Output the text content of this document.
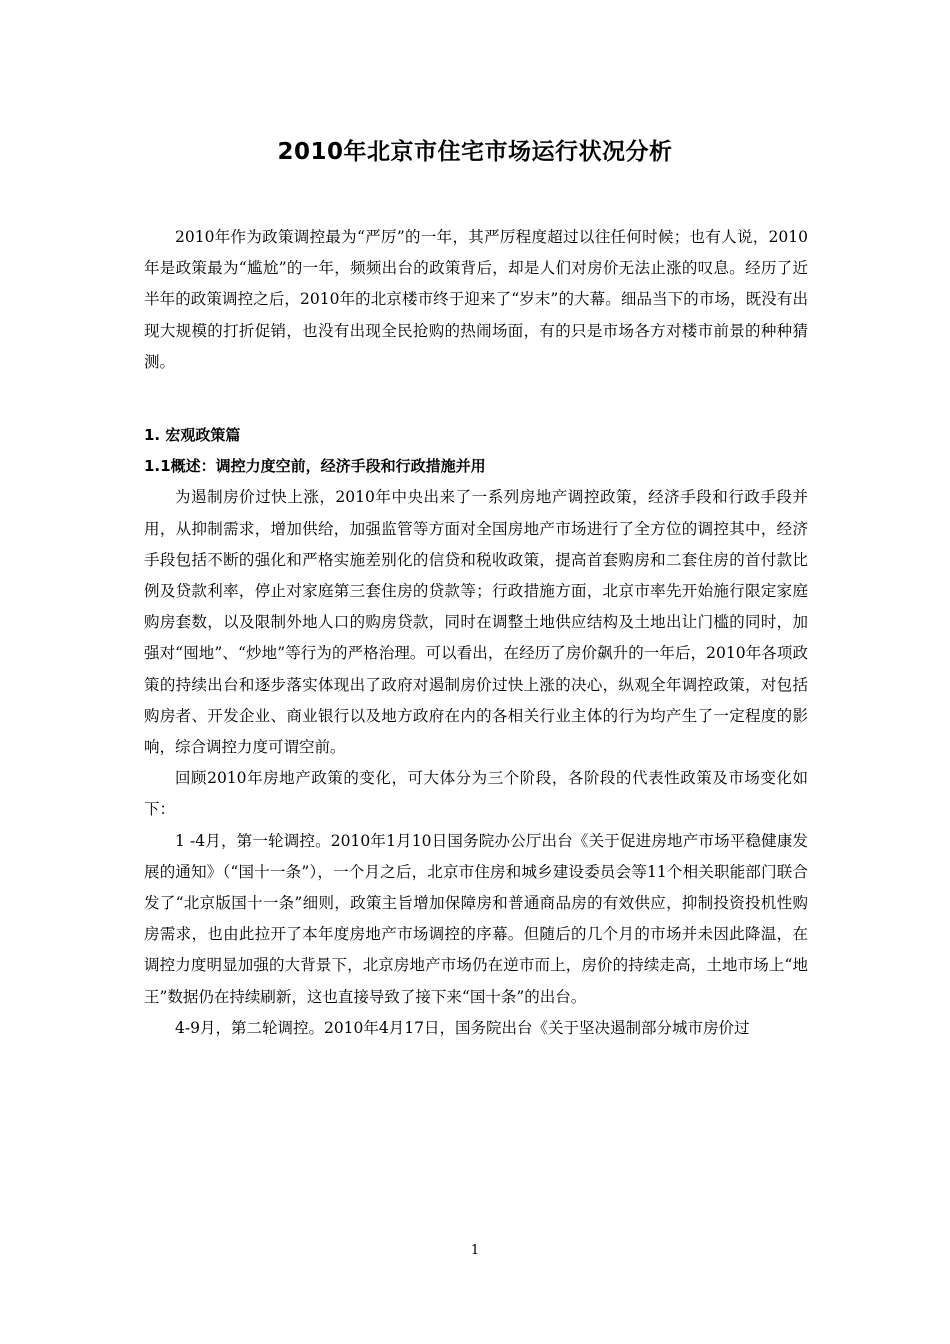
2010年北京市住宅市场运行状况分析

2010年作为政策调控最为“严厉”的一年，其严厉程度超过以往任何时候；也有人说，2010年是政策最为“尴尬”的一年，频频出台的政策背后，却是人们对房价无法止涨的叹息。经历了近半年的政策调控之后，2010年的北京楼市终于迎来了“岁末”的大幕。细品当下的市场，既没有出现大规模的打折促销，也没有出现全民抢购的热闹场面，有的只是市场各方对楼市前景的种种猜测。

1. 宏观政策篇
1.1概述：调控力度空前，经济手段和行政措施并用

为遏制房价过快上涨，2010年中央出来了一系列房地产调控政策，经济手段和行政手段并用，从抑制需求，增加供给，加强监管等方面对全国房地产市场进行了全方位的调控其中，经济手段包括不断的强化和严格实施差别化的信贷和税收政策，提高首套购房和二套住房的首付款比例及贷款利率，停止对家庭第三套住房的贷款等；行政措施方面，北京市率先开始施行限定家庭购房套数，以及限制外地人口的购房贷款，同时在调整土地供应结构及土地出让门槛的同时，加强对“囤地”、“炒地”等行为的严格治理。可以看出，在经历了房价飙升的一年后，2010年各项政策的持续出台和逐步落实体现出了政府对遏制房价过快上涨的决心，纵观全年调控政策，对包括购房者、开发企业、商业银行以及地方政府在内的各相关行业主体的行为均产生了一定程度的影响，综合调控力度可谓空前。

回顾2010年房地产政策的变化，可大体分为三个阶段，各阶段的代表性政策及市场变化如下：

1 -4月，第一轮调控。2010年1月10日国务院办公厅出台《关于促进房地产市场平稳健康发展的通知》（“国十一条”），一个月之后，北京市住房和城乡建设委员会等11个相关职能部门联合发了“北京版国十一条”细则，政策主旨增加保障房和普通商品房的有效供应，抑制投资投机性购房需求，也由此拉开了本年度房地产市场调控的序幕。但随后的几个月的市场并未因此降温，在调控力度明显加强的大背景下，北京房地产市场仍在逆市而上，房价的持续走高，土地市场上“地王”数据仍在持续刷新，这也直接导致了接下来“国十条”的出台。

4-9月，第二轮调控。2010年4月17日，国务院出台《关于坚决遏制部分城市房价过

1
